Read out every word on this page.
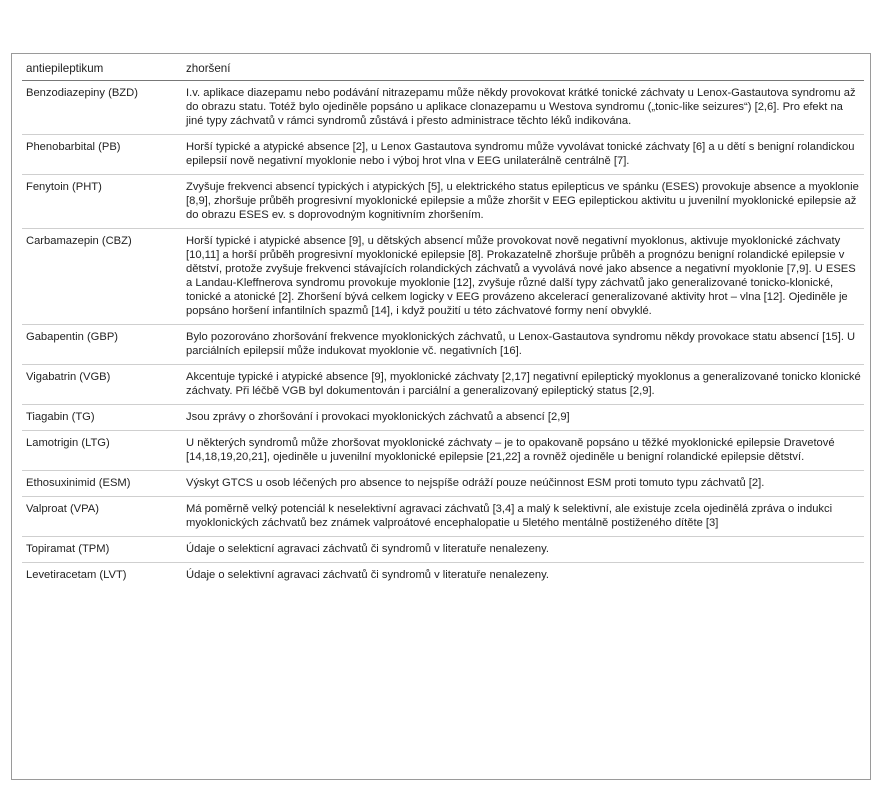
antiepileptikum	zhoršení
Benzodiazepiny (BZD)	I.v. aplikace diazepamu nebo podávání nitrazepamu může někdy provokovat krátké tonické záchvaty u Lenox-Gastautova syndromu až do obrazu statu. Totéž bylo ojediněle popsáno u aplikace clonazepamu u Westova syndromu („tonic-like seizures“) [2,6]. Pro efekt na jiné typy záchvatů v rámci syndromů zůstává i přesto administrace těchto léků indikována.
Phenobarbital (PB)	Horší typické a atypické absence [2], u Lenox Gastautova syndromu může vyvolávat tonické záchvaty [6] a u dětí s benigní rolandickou epilepsií nově negativní myoklonie nebo i výboj hrot vlna v EEG unilaterálně centrálně [7].
Fenytoin (PHT)	Zvyšuje frekvenci absencí typických i atypických [5], u elektrického status epilepticus ve spánku (ESES) provokuje absence a myoklonie [8,9], zhoršuje průběh progresivní myoklonické epilepsie a může zhoršit v EEG epileptickou aktivitu u juvenilní myoklonické epilepsie až do obrazu ESES ev. s doprovodným kognitivním zhoršením.
Carbamazepin (CBZ)	Horší typické i atypické absence [9], u dětských absencí může provokovat nově negativní myoklonus, aktivuje myoklonické záchvaty [10,11] a horší průběh progresivní myoklonické epilepsie [8]. Prokazatelně zhoršuje průběh a prognózu benigní rolandické epilepsie v dětství, protože zvyšuje frekvenci stávajících rolandických záchvatů a vyvolává nové jako absence a negativní myoklonie [7,9]. U ESES a Landau-Kleffnerova syndromu provokuje myoklonie [12], zvyšuje různé další typy záchvatů jako generalizované tonicko-klonické, tonické a atonické [2]. Zhoršení bývá celkem logicky v EEG provázeno akcelerací generalizované aktivity hrot – vlna [12]. Ojediněle je popsáno horšení infantilních spazmů [14], i když použití u této záchvatové formy není obvyklé.
Gabapentin (GBP)	Bylo pozorováno zhoršování frekvence myoklonických záchvatů, u Lenox-Gastautova syndromu někdy provokace statu absencí [15]. U parciálních epilepsií může indukovat myoklonie vč. negativních [16].
Vigabatrin (VGB)	Akcentuje typické i atypické absence [9], myoklonické záchvaty [2,17] negativní epileptický myoklonus a generalizované tonicko klonické záchvaty. Při léčbě VGB byl dokumentován i parciální a generalizovaný epileptický status [2,9].
Tiagabin (TG)	Jsou zprávy o zhoršování i provokaci myoklonických záchvatů a absencí [2,9]
Lamotrigin (LTG)	U některých syndromů může zhoršovat myoklonické záchvaty – je to opakovaně popsáno u těžké myoklonické epilepsie Dravetové [14,18,19,20,21], ojediněle u juvenilní myoklonické epilepsie [21,22] a rovněž ojediněle u benigní rolandické epilepsie dětství.
Ethosuxinimid (ESM)	Výskyt GTCS u osob léčených pro absence to nejspíše odráží pouze neúčinnost ESM proti tomuto typu záchvatů [2].
Valproat (VPA)	Má poměrně velký potenciál k neselektivní agravaci záchvatů [3,4] a malý k selektivní, ale existuje zcela ojedinělá zpráva o indukci myoklonických záchvatů bez známek valproátové encephalopatie u 5letého mentálně postiženého dítěte [3]
Topiramat (TPM)	Údaje o selekticní agravaci záchvatů či syndromů v literatuře nenalezeny.
Levetiracetam (LVT)	Údaje o selektivní agravaci záchvatů či syndromů v literatuře nenalezeny.
